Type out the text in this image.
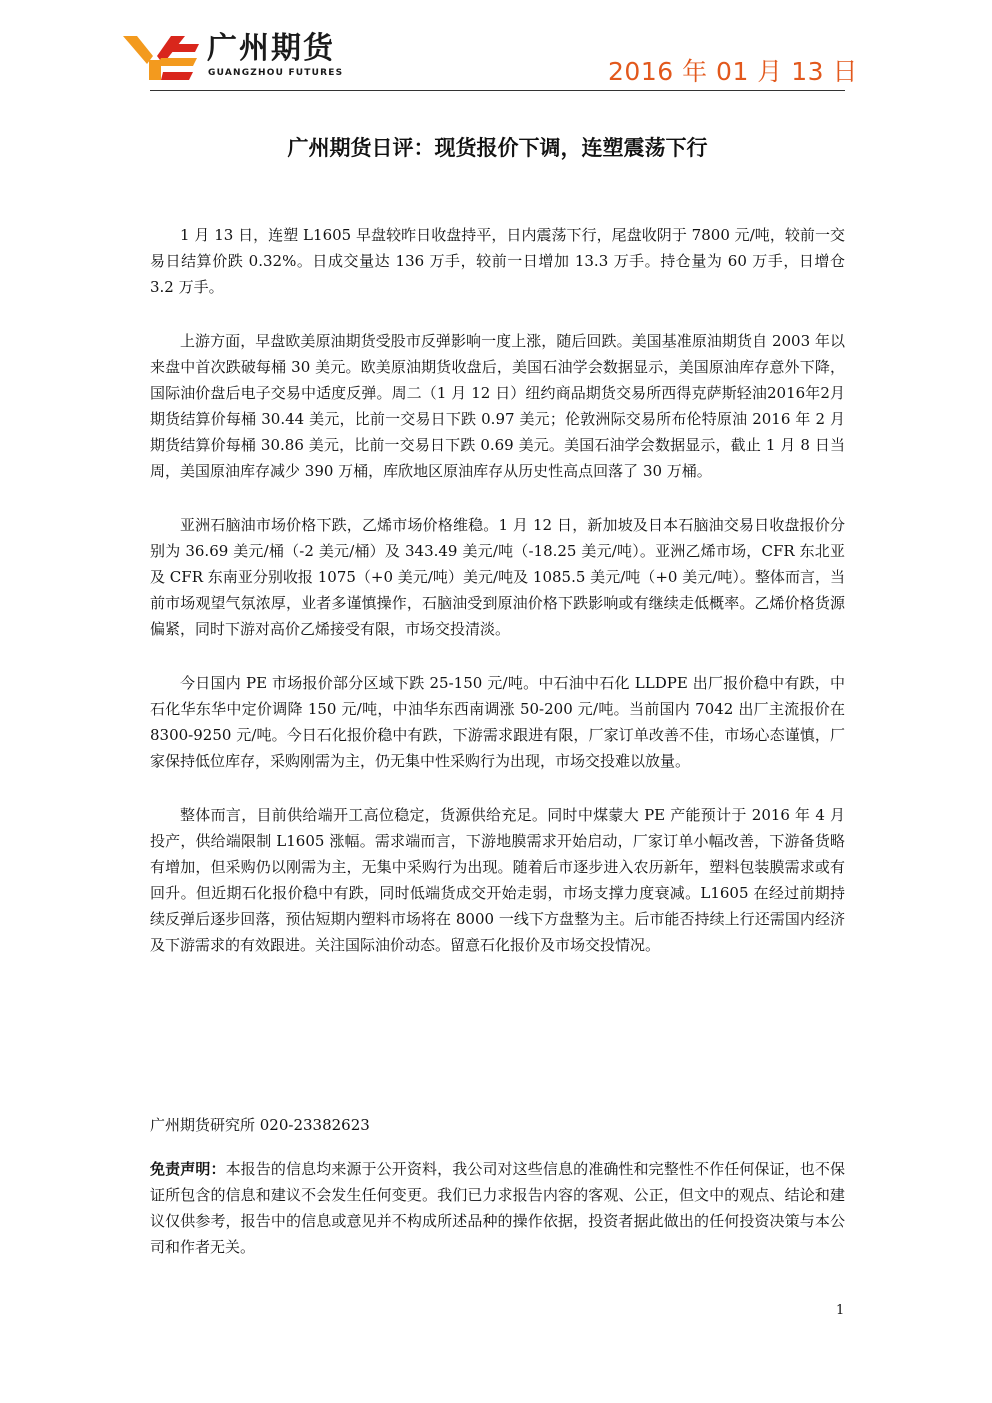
广州期货
GUANGZHOU FUTURES	2016 年 01 月 13 日
广州期货日评：现货报价下调，连塑震荡下行

1 月 13 日，连塑 L1605 早盘较昨日收盘持平，日内震荡下行，尾盘收阴于 7800 元/吨，较前一交易日结算价跌 0.32%。日成交量达 136 万手，较前一日增加 13.3 万手。持仓量为 60 万手，日增仓 3.2 万手。

上游方面，早盘欧美原油期货受股市反弹影响一度上涨，随后回跌。美国基准原油期货自 2003 年以来盘中首次跌破每桶 30 美元。欧美原油期货收盘后，美国石油学会数据显示，美国原油库存意外下降，国际油价盘后电子交易中适度反弹。周二（1 月 12 日）纽约商品期货交易所西得克萨斯轻油2016年2月期货结算价每桶 30.44 美元，比前一交易日下跌 0.97 美元；伦敦洲际交易所布伦特原油 2016 年 2 月期货结算价每桶 30.86 美元，比前一交易日下跌 0.69 美元。美国石油学会数据显示，截止 1 月 8 日当周，美国原油库存减少 390 万桶，库欣地区原油库存从历史性高点回落了 30 万桶。

亚洲石脑油市场价格下跌，乙烯市场价格维稳。1 月 12 日，新加坡及日本石脑油交易日收盘报价分别为 36.69 美元/桶（-2 美元/桶）及 343.49 美元/吨（-18.25 美元/吨）。亚洲乙烯市场，CFR 东北亚及 CFR 东南亚分别收报 1075（+0 美元/吨）美元/吨及 1085.5 美元/吨（+0 美元/吨）。整体而言，当前市场观望气氛浓厚，业者多谨慎操作，石脑油受到原油价格下跌影响或有继续走低概率。乙烯价格货源偏紧，同时下游对高价乙烯接受有限，市场交投清淡。

今日国内 PE 市场报价部分区域下跌 25-150 元/吨。中石油中石化 LLDPE 出厂报价稳中有跌，中石化华东华中定价调降 150 元/吨，中油华东西南调涨 50-200 元/吨。当前国内 7042 出厂主流报价在 8300-9250 元/吨。今日石化报价稳中有跌，下游需求跟进有限，厂家订单改善不佳，市场心态谨慎，厂家保持低位库存，采购刚需为主，仍无集中性采购行为出现，市场交投难以放量。

整体而言，目前供给端开工高位稳定，货源供给充足。同时中煤蒙大 PE 产能预计于 2016 年 4 月投产，供给端限制 L1605 涨幅。需求端而言，下游地膜需求开始启动，厂家订单小幅改善，下游备货略有增加，但采购仍以刚需为主，无集中采购行为出现。随着后市逐步进入农历新年，塑料包装膜需求或有回升。但近期石化报价稳中有跌，同时低端货成交开始走弱，市场支撑力度衰减。L1605 在经过前期持续反弹后逐步回落，预估短期内塑料市场将在 8000 一线下方盘整为主。后市能否持续上行还需国内经济及下游需求的有效跟进。关注国际油价动态。留意石化报价及市场交投情况。

广州期货研究所 020-23382623
免责声明：本报告的信息均来源于公开资料，我公司对这些信息的准确性和完整性不作任何保证，也不保证所包含的信息和建议不会发生任何变更。我们已力求报告内容的客观、公正，但文中的观点、结论和建议仅供参考，报告中的信息或意见并不构成所述品种的操作依据，投资者据此做出的任何投资决策与本公司和作者无关。
1
